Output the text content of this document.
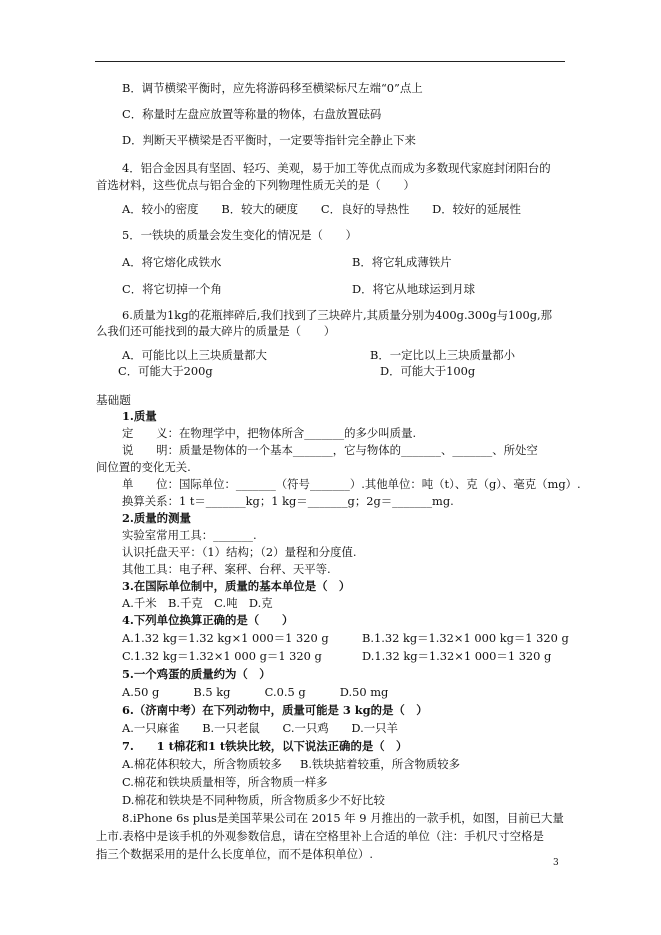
B．调节横梁平衡时，应先将游码移至横梁标尺左端“0”点上
C．称量时左盘应放置等称量的物体，右盘放置砝码
D．判断天平横梁是否平衡时，一定要等指针完全静止下来
4．铝合金因具有坚固、轻巧、美观，易于加工等优点而成为多数现代家庭封闭阳台的
首选材料，这些优点与铝合金的下列物理性质无关的是（　　）
A．较小的密度　　B．较大的硬度　　C．良好的导热性　　D．较好的延展性
5．一铁块的质量会发生变化的情况是（　　）
A．将它熔化成铁水	B．将它轧成薄铁片
C．将它切掉一个角	D．将它从地球运到月球
6.质量为1kg的花瓶摔碎后,我们找到了三块碎片,其质量分别为400g.300g与100g,那
么我们还可能找到的最大碎片的质量是（　　）
A．可能比以上三块质量都大	B．一定比以上三块质量都小
C．可能大于200g	D．可能大于100g
基础题
1.质量
定　　义：在物理学中，把物体所含_______的多少叫质量.
说　　明：质量是物体的一个基本_______，它与物体的_______、_______、所处空
间位置的变化无关.
单　　位：国际单位：_______（符号_______）.其他单位：吨（t）、克（g）、毫克（mg）.
换算关系：1 t＝_______kg；1 kg＝_______g；2g＝_______mg.
2.质量的测量
实验室常用工具：_______.
认识托盘天平：（1）结构；（2）量程和分度值.
其他工具：电子秤、案秤、台秤、天平等.
3.在国际单位制中，质量的基本单位是（　）
A.千米　B.千克　C.吨　D.克
4.下列单位换算正确的是（　　）
A.1.32 kg＝1.32 kg×1 000＝1 320 g	B.1.32 kg＝1.32×1 000 kg＝1 320 g
C.1.32 kg＝1.32×1 000 g＝1 320 g	D.1.32 kg＝1.32×1 000＝1 320 g
5.一个鸡蛋的质量约为（　）
A.50 g　　　B.5 kg　　　C.0.5 g　　　D.50 mg
6.（济南中考）在下列动物中，质量可能是 3 kg的是（　）
A.一只麻雀　　B.一只老鼠　　C.一只鸡　　D.一只羊
7.　　1 t棉花和1 t铁块比较，以下说法正确的是（　）
A.棉花体积较大，所含物质较多 B.铁块掂着较重，所含物质较多
C.棉花和铁块质量相等，所含物质一样多
D.棉花和铁块是不同种物质，所含物质多少不好比较
8.iPhone 6s plus是美国苹果公司在 2015 年 9 月推出的一款手机，如图，目前已大量
上市.表格中是该手机的外观参数信息，请在空格里补上合适的单位（注：手机尺寸空格是
指三个数据采用的是什么长度单位，而不是体积单位）.
3
